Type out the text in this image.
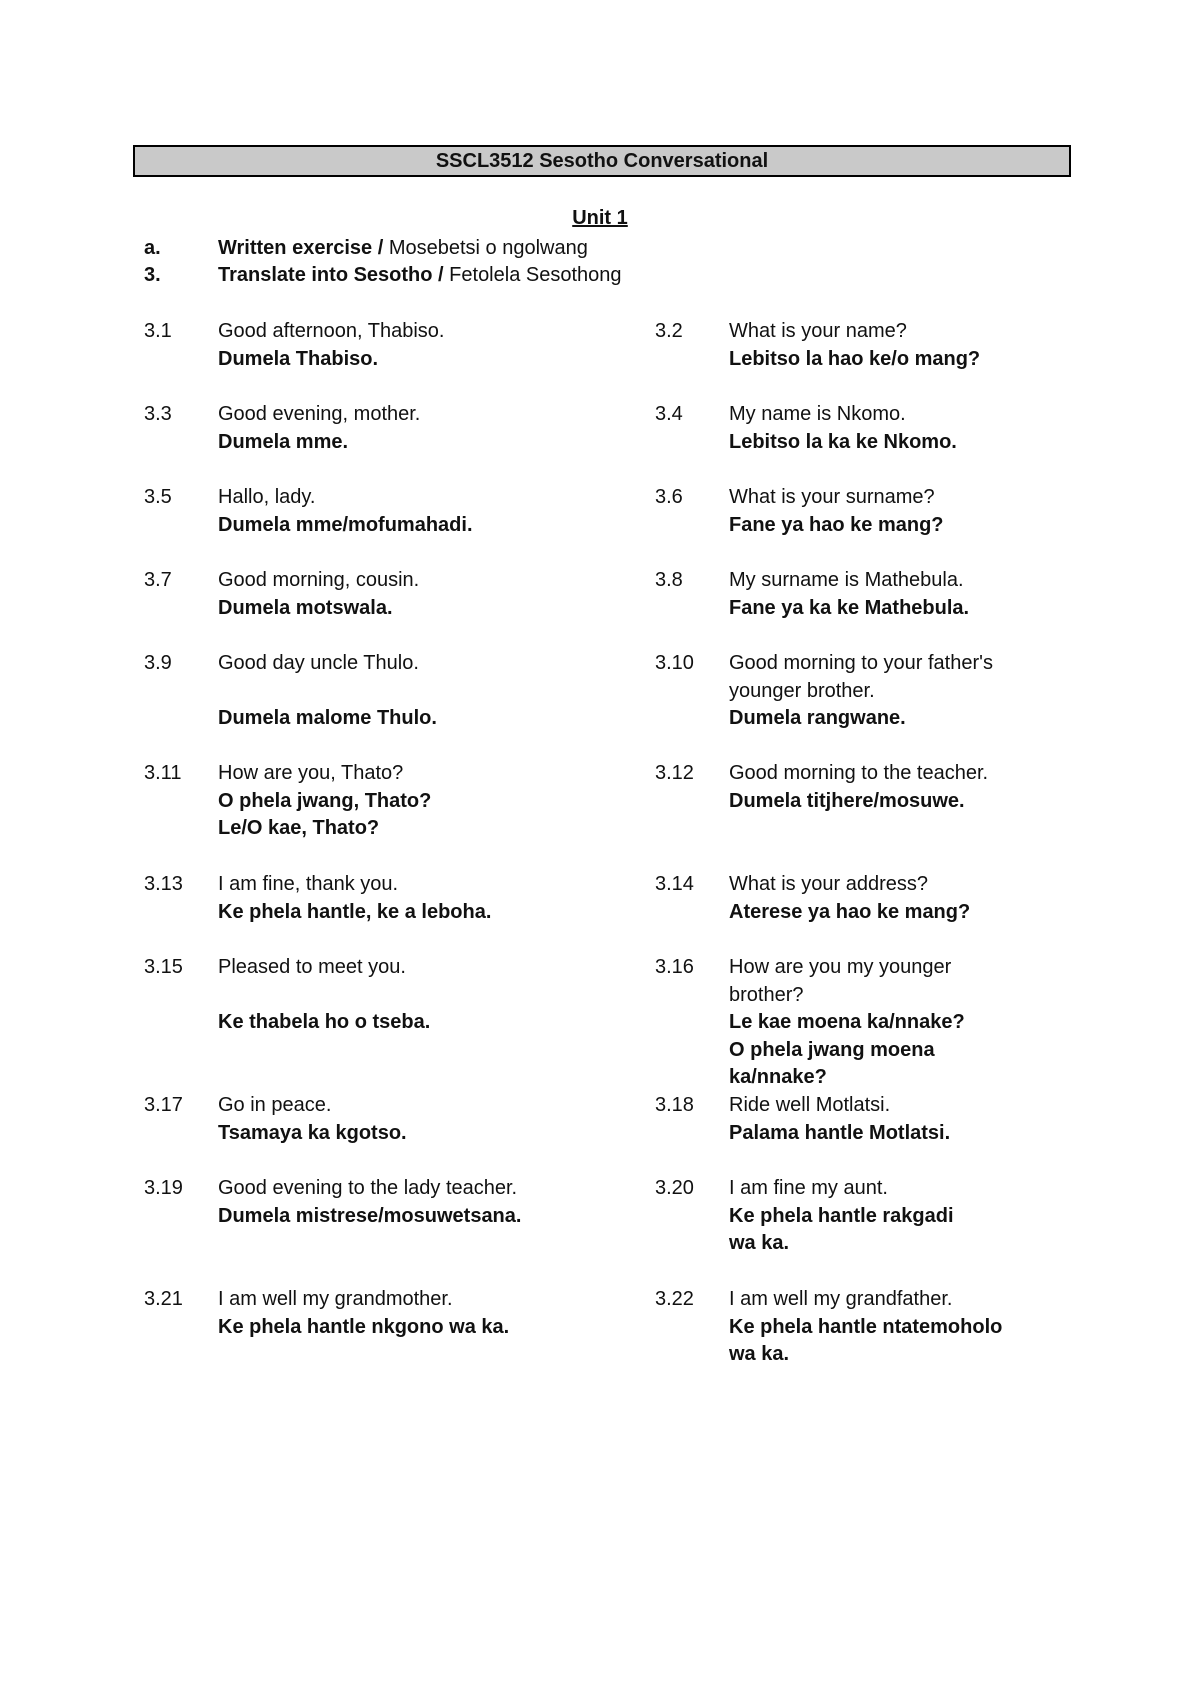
SSCL3512 Sesotho Conversational
Unit 1
a.	Written exercise / Mosebetsi o ngolwang
3.	Translate into Sesotho / Fetolela Sesothong
3.1	Good afternoon, Thabiso.
Dumela Thabiso.
3.3	Good evening, mother.
Dumela mme.
3.5	Hallo, lady.
Dumela mme/mofumahadi.
3.7	Good morning, cousin.
Dumela motswala.
3.9	Good day uncle Thulo.
Dumela malome Thulo.
3.11	How are you, Thato?
O phela jwang, Thato?
Le/O kae, Thato?
3.13	I am fine, thank you.
Ke phela hantle, ke a leboha.
3.15	Pleased to meet you.
Ke thabela ho o tseba.
3.17	Go in peace.
Tsamaya ka kgotso.
3.19	Good evening to the lady teacher.
Dumela mistrese/mosuwetsana.
3.21	I am well my grandmother.
Ke phela hantle nkgono wa ka.
3.2	What is your name?
Lebitso la hao ke/o mang?
3.4	My name is Nkomo.
Lebitso la ka ke Nkomo.
3.6	What is your surname?
Fane ya hao ke mang?
3.8	My surname is Mathebula.
Fane ya ka ke Mathebula.
3.10	Good morning to your father's
younger brother.
Dumela rangwane.
3.12	Good morning to the teacher.
Dumela titjhere/mosuwe.
3.14	What is your address?
Aterese ya hao ke mang?
3.16	How are you my younger
brother?
Le kae moena ka/nnake?
O phela jwang moena
ka/nnake?
3.18	Ride well Motlatsi.
Palama hantle Motlatsi.
3.20	I am fine my aunt.
Ke phela hantle rakgadi
wa ka.
3.22	I am well my grandfather.
Ke phela hantle ntatemoholo
wa ka.
